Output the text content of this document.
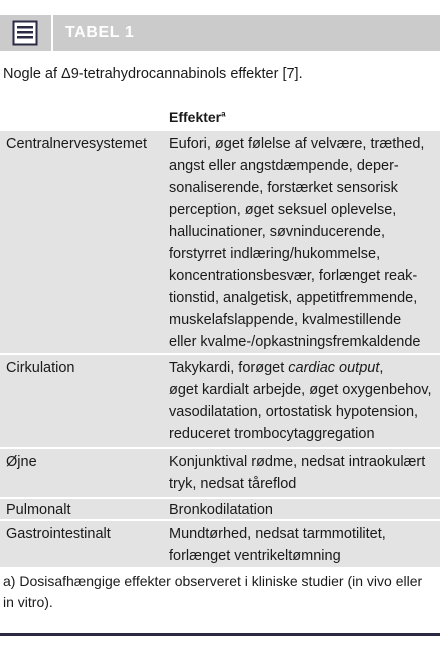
TABEL 1
Nogle af Δ9-tetrahydrocannabinols effekter [7].
Effekter$^a$
Centralnervesystemet Eufori, øget følelse af velvære, træthed,
angst eller angstdæmpende, deper-
sonaliserende, forstærket sensorisk
perception, øget seksuel oplevelse,
hallucinationer, søvninducerende,
forstyrret indlæring/hukommelse,
koncentrationsbesvær, forlænget reak-
tionstid, analgetisk, appetitfremmende,
muskelafslappende, kvalmestillende
eller kvalme-/opkastningsfremkaldende
Cirkulation	Takykardi, forøget cardiac output,
øget kardialt arbejde, øget oxygenbehov,
vasodilatation, ortostatisk hypotension,
reduceret trombocytaggregation
Øjne	Konjunktival rødme, nedsat intraokulært
tryk, nedsat tåreflod
Pulmonalt	Bronkodilatation
Gastrointestinalt	Mundtørhed, nedsat tarmmotilitet,
forlænget ventrikeltømning
a) Dosisafhængige effekter observeret i kliniske studier (in vivo eller in vitro).
